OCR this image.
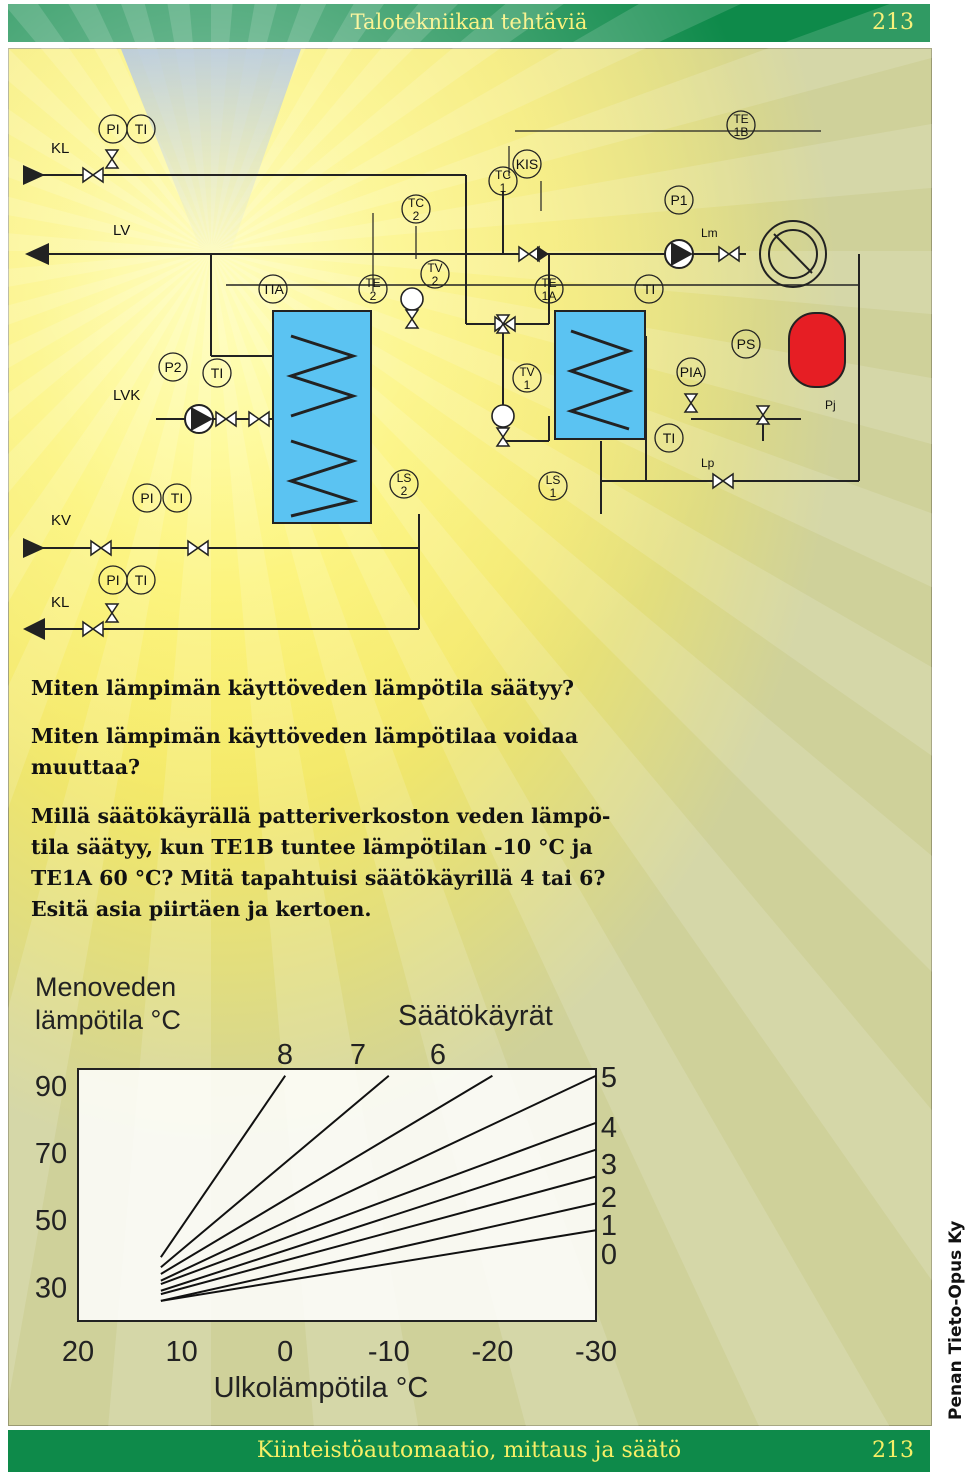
213
PI TI
PI TI
PI TI
P2 TI
TIA
P1
TI
TI
PIA
PS
KIS
TE
2
TC
2
TV
2
TC
1
TE
1A
TE
1B
TV
1
LS
2
LS
1
KL
LV
LVK
KV
KL
Lm
Lp
Pj

Miten lämpimän käyttöveden lämpötila säätyy?

Miten lämpimän käyttöveden lämpötilaa voidaa

muuttaa?

Millä säätökäyrällä patteriverkoston veden lämpö-

tila säätyy, kun TE1B tuntee lämpötilan -10 °C ja

TE1A 60 °C? Mitä tapahtuisi säätökäyrillä 4 tai 6?

Esitä asia piirtäen ja kertoen.

20 10	0	-10 -20 -30
90
70
50
30
8 7 6
5
4
3
2
1
0
Menoveden
lämpötila °C	Säätökäyrät
Ulkolämpötila °C	Penan Tieto-Opus Ky
Kiinteistöautomaatio, mittaus ja säätö	213
